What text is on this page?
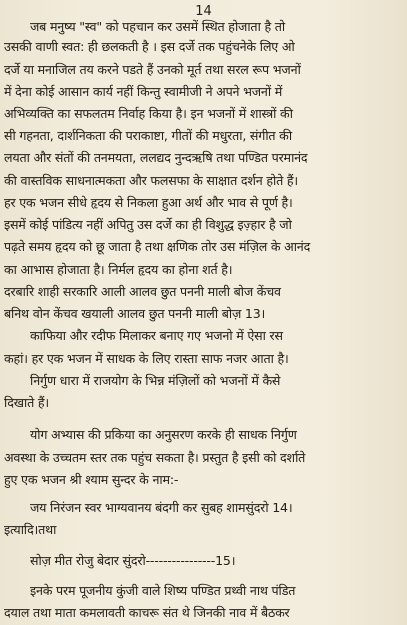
14
जब मनुष्य "स्व" को पहचान कर उसमें स्थित होजाता है तो
उसकी वाणी स्वत: ही छलकती है । इस दर्जे तक पहुंचनेके लिए ओ
दर्जे या मनाजिल तय करने पडते हैं उनको मूर्त तथा सरल रूप भजनों
में देना कोई आसान कार्य नहीं किन्तु स्वामीजी ने अपने भजनों में
अभिव्यक्ति का सफलतम निर्वाह किया है। इन भजनों में शास्त्रों की
सी गहनता, दार्शनिकता की पराकाष्टा, गीतों की मधुरता, संगीत की
लयता और संतों की तनमयता, ललद्यद नुन्दऋषि तथा पण्डित परमानंद
की वास्तविक साधनात्मकता और फलसफा के साक्षात दर्शन होते हैं।
हर एक भजन सीधे हृदय से निकला हुआ अर्थ और भाव से पूर्ण है।
इसमें कोई पांडित्य नहीं अपितु उस दर्जे का ही विशुद्ध इज़्हार है जो
पढ़ते समय हृदय को छू जाता है तथा क्षणिक तोर उस मंज़िल के आनंद
का आभास होजाता है। निर्मल हृदय का होना शर्त है।
दरबारि शाही सरकारि आली आलव छुत पननी माली बोज केंचव
बनिथ वोन केंचव खयाली आलव छुत पननी माली बोज़ 13।
काफिया और रदीफ मिलाकर बनाए गए भजनो में ऐसा रस
कहां। हर एक भजन में साधक के लिए रास्ता साफ नजर आता है।
निर्गुण धारा में राजयोग के भिन्न मंज़िलों को भजनों में कैसे
दिखाते हैं।
योग अभ्यास की प्रकिया का अनुसरण करके ही साधक निर्गुण
अवस्था के उच्चतम स्तर तक पहुंच सकता है। प्रस्तुत है इसी को दर्शाते
हुए एक भजन श्री श्याम सुन्दर के नाम:-
जय निरंजन स्वर भाग्यवानय बंदगी कर सुबह शामसुंदरो 14।
इत्यादि।तथा
सोज़ मीत रोजु बेदार सुंदरो----------------15।
इनके परम पूजनीय कुंजी वाले शिष्य पण्डित प्रथ्वी नाथ पंडित
दयाल तथा माता कमलावती काचरू संत थे जिनकी नाव में बैठकर
